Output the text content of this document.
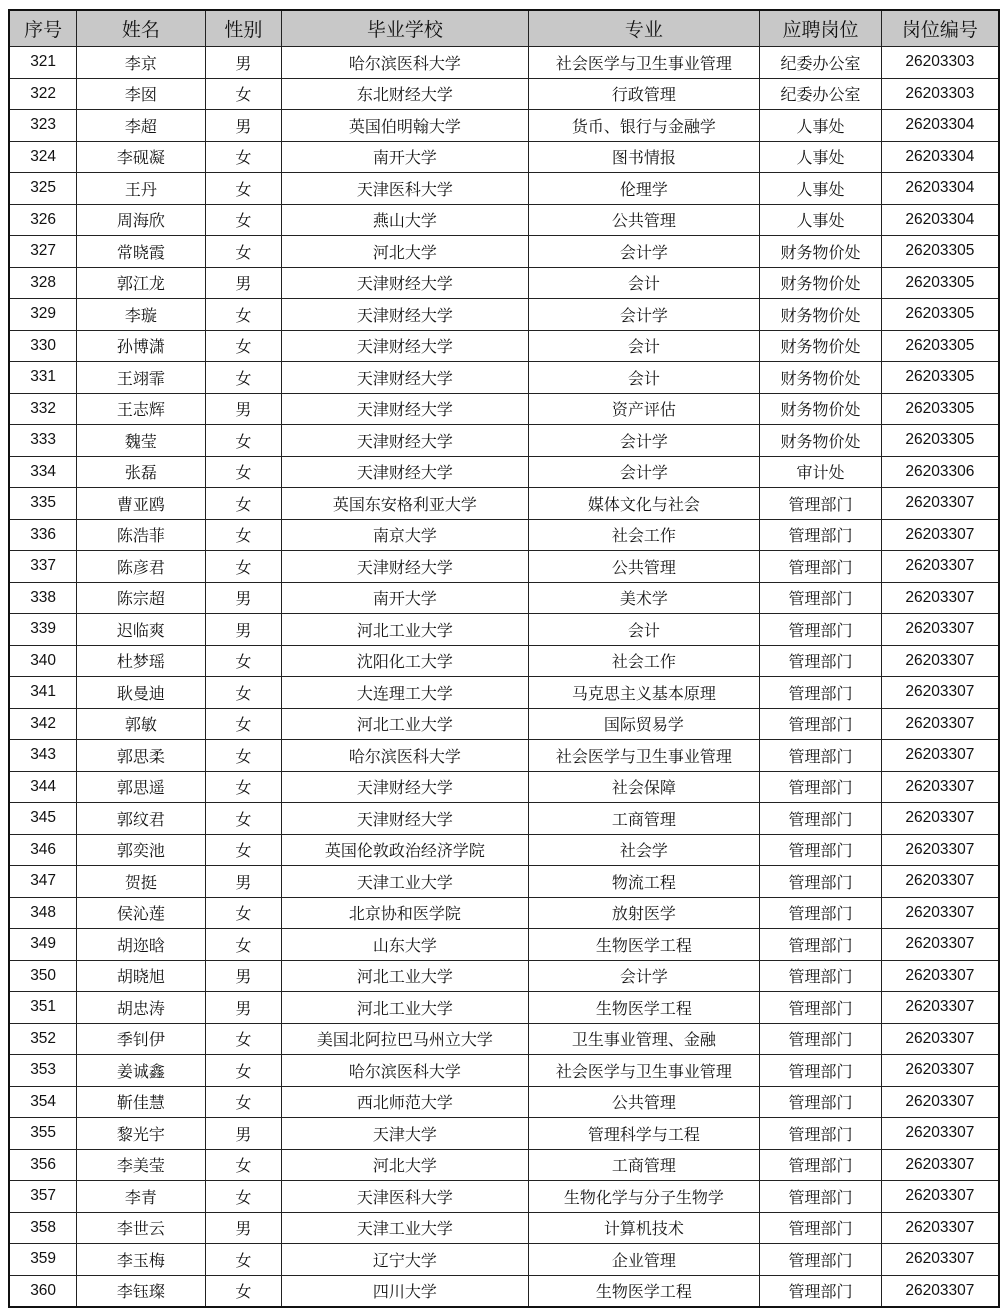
序号	姓名	性别	毕业学校	专业	应聘岗位	岗位编号
321	李京	男	哈尔滨医科大学	社会医学与卫生事业管理	纪委办公室	26203303
322	李囡	女	东北财经大学	行政管理	纪委办公室	26203303
323	李超	男	英国伯明翰大学	货币、银行与金融学	人事处	26203304
324	李砚凝	女	南开大学	图书情报	人事处	26203304
325	王丹	女	天津医科大学	伦理学	人事处	26203304
326	周海欣	女	燕山大学	公共管理	人事处	26203304
327	常晓霞	女	河北大学	会计学	财务物价处	26203305
328	郭江龙	男	天津财经大学	会计	财务物价处	26203305
329	李璇	女	天津财经大学	会计学	财务物价处	26203305
330	孙博潇	女	天津财经大学	会计	财务物价处	26203305
331	王翊霏	女	天津财经大学	会计	财务物价处	26203305
332	王志辉	男	天津财经大学	资产评估	财务物价处	26203305
333	魏莹	女	天津财经大学	会计学	财务物价处	26203305
334	张磊	女	天津财经大学	会计学	审计处	26203306
335	曹亚鸥	女	英国东安格利亚大学	媒体文化与社会	管理部门	26203307
336	陈浩菲	女	南京大学	社会工作	管理部门	26203307
337	陈彦君	女	天津财经大学	公共管理	管理部门	26203307
338	陈宗超	男	南开大学	美术学	管理部门	26203307
339	迟临爽	男	河北工业大学	会计	管理部门	26203307
340	杜梦瑶	女	沈阳化工大学	社会工作	管理部门	26203307
341	耿曼迪	女	大连理工大学	马克思主义基本原理	管理部门	26203307
342	郭敏	女	河北工业大学	国际贸易学	管理部门	26203307
343	郭思柔	女	哈尔滨医科大学	社会医学与卫生事业管理	管理部门	26203307
344	郭思遥	女	天津财经大学	社会保障	管理部门	26203307
345	郭纹君	女	天津财经大学	工商管理	管理部门	26203307
346	郭奕池	女	英国伦敦政治经济学院	社会学	管理部门	26203307
347	贺挺	男	天津工业大学	物流工程	管理部门	26203307
348	侯沁莲	女	北京协和医学院	放射医学	管理部门	26203307
349	胡迩晗	女	山东大学	生物医学工程	管理部门	26203307
350	胡晓旭	男	河北工业大学	会计学	管理部门	26203307
351	胡忠涛	男	河北工业大学	生物医学工程	管理部门	26203307
352	季钊伊	女	美国北阿拉巴马州立大学	卫生事业管理、金融	管理部门	26203307
353	姜诚鑫	女	哈尔滨医科大学	社会医学与卫生事业管理	管理部门	26203307
354	靳佳慧	女	西北师范大学	公共管理	管理部门	26203307
355	黎光宇	男	天津大学	管理科学与工程	管理部门	26203307
356	李美莹	女	河北大学	工商管理	管理部门	26203307
357	李青	女	天津医科大学	生物化学与分子生物学	管理部门	26203307
358	李世云	男	天津工业大学	计算机技术	管理部门	26203307
359	李玉梅	女	辽宁大学	企业管理	管理部门	26203307
360	李钰璨	女	四川大学	生物医学工程	管理部门	26203307
